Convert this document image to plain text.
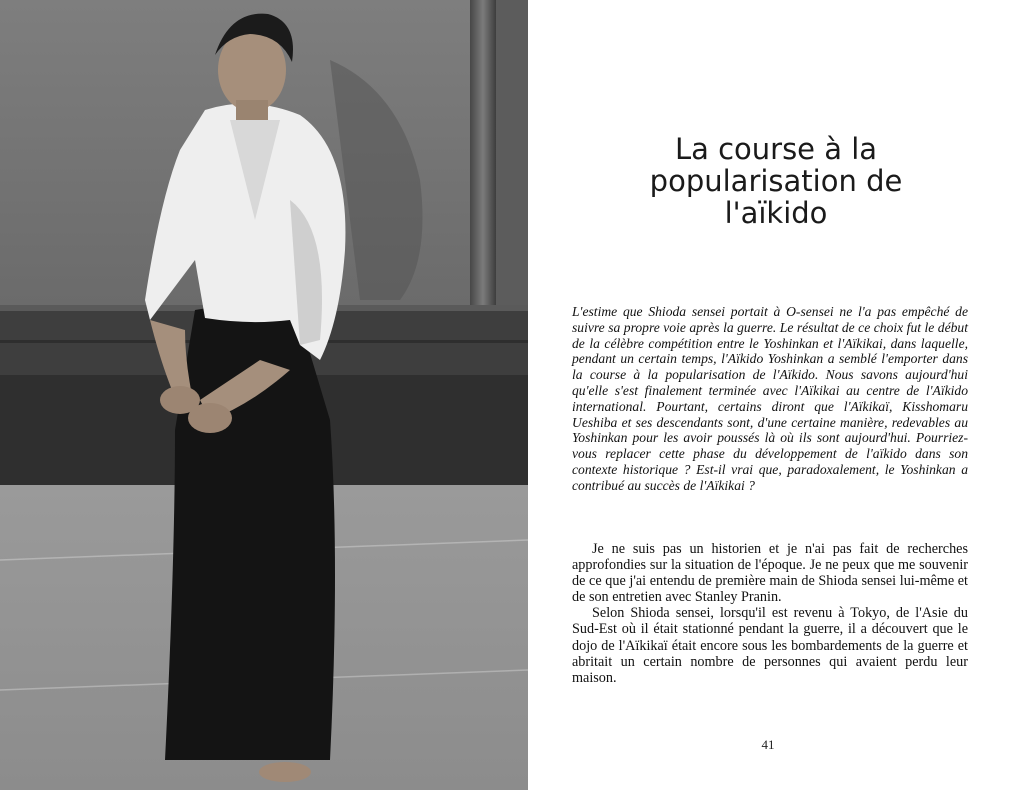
La course à la
popularisation de
l'aïkido

L'estime que Shioda sensei portait à O-sensei ne l'a pas empêché de suivre sa propre voie après la guerre. Le résultat de ce choix fut le début de la célèbre compétition entre le Yoshinkan et l'Aïkikai, dans laquelle, pendant un certain temps, l'Aïkido Yoshinkan a semblé l'emporter dans la course à la popularisation de l'Aïkido. Nous savons aujourd'hui qu'elle s'est finalement terminée avec l'Aïkikai au centre de l'Aïkido international. Pourtant, certains diront que l'Aïkikaï, Kisshomaru Ueshiba et ses descendants sont, d'une certaine manière, redevables au Yoshinkan pour les avoir poussés là où ils sont aujourd'hui. Pourriez-vous replacer cette phase du développement de l'aïkido dans son contexte historique ? Est-il vrai que, paradoxalement, le Yoshinkan a contribué au succès de l'Aïkikai ?

Je ne suis pas un historien et je n'ai pas fait de recherches approfondies sur la situation de l'époque. Je ne peux que me souvenir de ce que j'ai entendu de première main de Shioda sensei lui-même et de son entretien avec Stanley Pranin.

Selon Shioda sensei, lorsqu'il est revenu à Tokyo, de l'Asie du Sud-Est où il était stationné pendant la guerre, il a découvert que le dojo de l'Aïkikaï était encore sous les bombardements de la guerre et abritait un certain nombre de personnes qui avaient perdu leur maison.

41
